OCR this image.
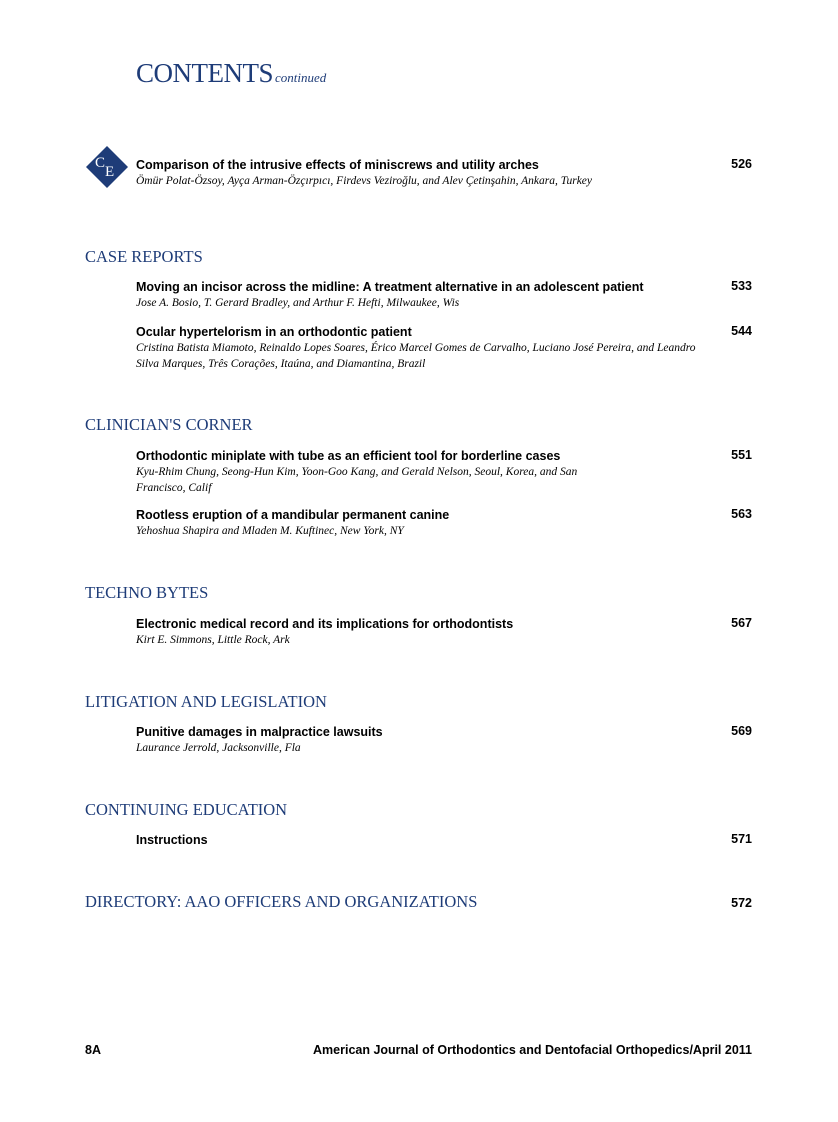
CONTENTS continued
C
E Comparison of the intrusive effects of miniscrews and utility arches
Ömür Polat-Özsoy, Ayça Arman-Özçırpıcı, Firdevs Veziroğlu, and Alev Çetinşahin, Ankara, Turkey
526
CASE REPORTS
Moving an incisor across the midline: A treatment alternative in an adolescent patient
Jose A. Bosio, T. Gerard Bradley, and Arthur F. Hefti, Milwaukee, Wis
533
Ocular hypertelorism in an orthodontic patient
Cristina Batista Miamoto, Reinaldo Lopes Soares, Érico Marcel Gomes de Carvalho, Luciano José Pereira, and Leandro Silva Marques, Três Corações, Itaúna, and Diamantina, Brazil
544
CLINICIAN'S CORNER
Orthodontic miniplate with tube as an efficient tool for borderline cases
Kyu-Rhim Chung, Seong-Hun Kim, Yoon-Goo Kang, and Gerald Nelson, Seoul, Korea, and San Francisco, Calif
551
Rootless eruption of a mandibular permanent canine
Yehoshua Shapira and Mladen M. Kuftinec, New York, NY
563
TECHNO BYTES
Electronic medical record and its implications for orthodontists
Kirt E. Simmons, Little Rock, Ark
567
LITIGATION AND LEGISLATION
Punitive damages in malpractice lawsuits
Laurance Jerrold, Jacksonville, Fla
569
CONTINUING EDUCATION
Instructions	571
DIRECTORY: AAO OFFICERS AND ORGANIZATIONS	572
8A	American Journal of Orthodontics and Dentofacial Orthopedics/April 2011
